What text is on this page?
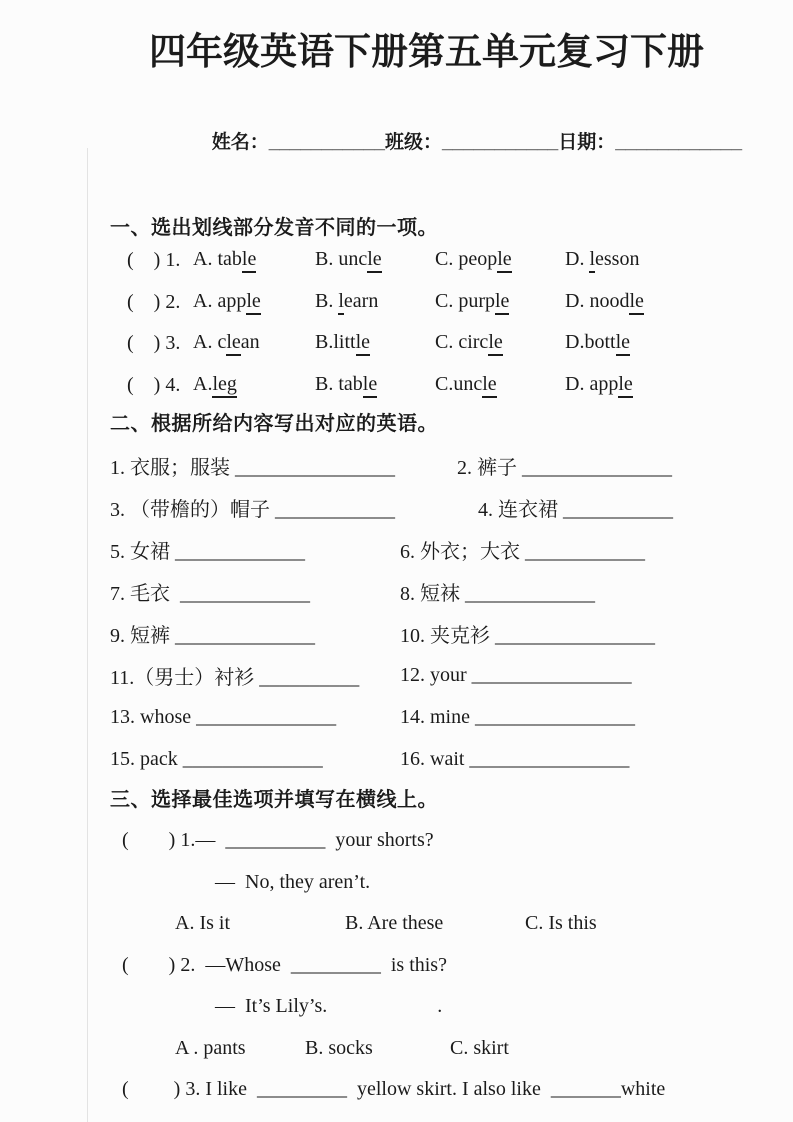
四年级英语下册第五单元复习下册

姓名：___________班级：___________日期：____________

一、选出划线部分发音不同的一项。
(    ) 1. A. table	B. uncle	C. people	D. lesson
(    ) 2. A. apple	B. learn	C. purple	D. noodle
(    ) 3. A. clean	B.little	C. circle	D.bottle
(    ) 4. A.leg	B. table	C.uncle	D. apple
二、根据所给内容写出对应的英语。
1. 衣服；服装 ________________	2. 裤子 _______________
3. （带檐的）帽子 ____________	4. 连衣裙 ___________
5. 女裙 _____________	6. 外衣；大衣 ____________
7. 毛衣  _____________	8. 短袜 _____________
9. 短裤 ______________	10. 夹克衫 ________________
11.（男士）衬衫 __________	12. your ________________
13. whose ______________	14. mine ________________
15. pack ______________	16. wait ________________
三、选择最佳选项并填写在横线上。
(        ) 1.—  __________  your shorts?
—  No, they aren’t.
A. Is it	B. Are these	C. Is this
(        ) 2.  —Whose  _________  is this?
—  It’s Lily’s.                      .
A . pants	B. socks	C. skirt
(         ) 3. I like  _________  yellow skirt. I also like  _______white
